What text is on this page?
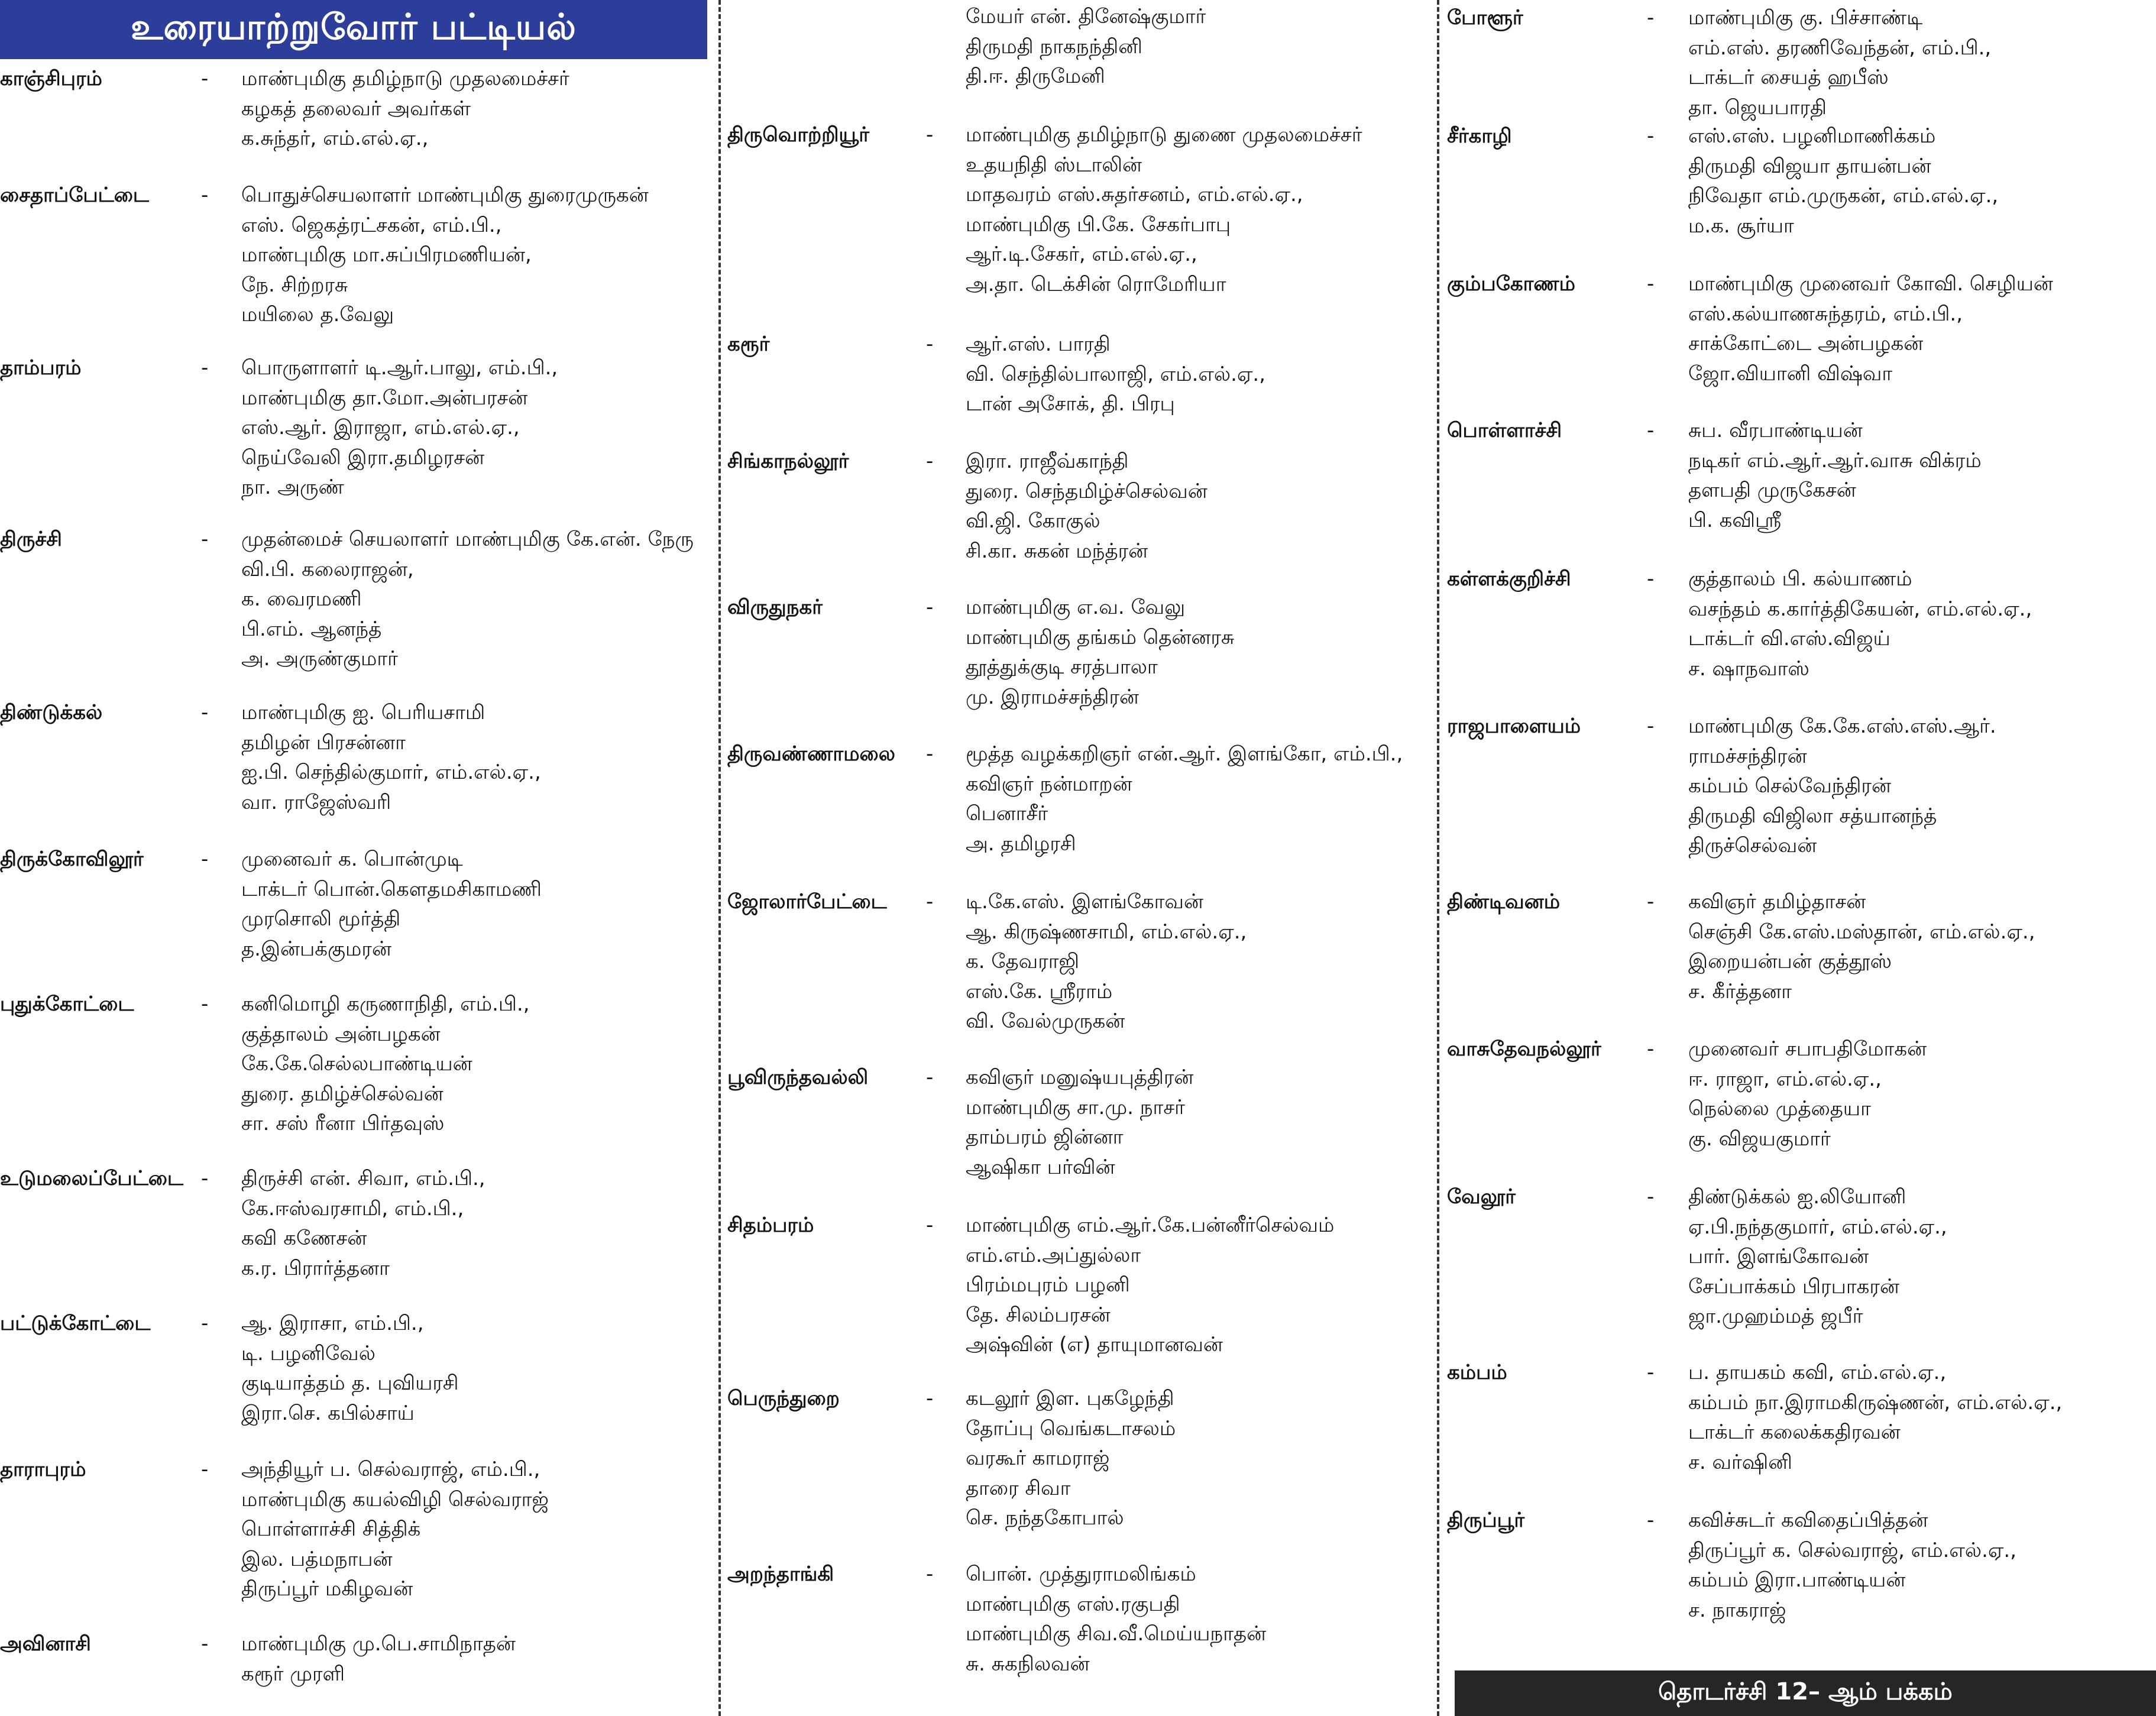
உரையாற்றுவோர் பட்டியல்
காஞ்சிபுரம்	- மாண்புமிகு தமிழ்நாடு முதலமைச்சர்
கழகத் தலைவர் அவர்கள்
க.சுந்தர், எம்.எல்.ஏ.,
சைதாப்பேட்டை	- பொதுச்செயலாளர் மாண்புமிகு துரைமுருகன்
எஸ். ஜெகத்ரட்சகன், எம்.பி.,
மாண்புமிகு மா.சுப்பிரமணியன்,
நே. சிற்றரசு
மயிலை த.வேலு
தாம்பரம்	- பொருளாளர் டி.ஆர்.பாலு, எம்.பி.,
மாண்புமிகு தா.மோ.அன்பரசன்
எஸ்.ஆர். இராஜா, எம்.எல்.ஏ.,
நெய்வேலி இரா.தமிழரசன்
நா. அருண்
திருச்சி	- முதன்மைச் செயலாளர் மாண்புமிகு கே.என். நேரு
வி.பி. கலைராஜன்,
க. வைரமணி
பி.எம். ஆனந்த்
அ. அருண்குமார்
திண்டுக்கல்	- மாண்புமிகு ஐ. பெரியசாமி
தமிழன் பிரசன்னா
ஐ.பி. செந்தில்குமார், எம்.எல்.ஏ.,
வா. ராஜேஸ்வரி
திருக்கோவிலூர்	- முனைவர் க. பொன்முடி
டாக்டர் பொன்.கௌதமசிகாமணி
முரசொலி மூர்த்தி
த.இன்பக்குமரன்
புதுக்கோட்டை	- கனிமொழி கருணாநிதி, எம்.பி.,
குத்தாலம் அன்பழகன்
கே.கே.செல்லபாண்டியன்
துரை. தமிழ்ச்செல்வன்
சா. சஸ் ரீனா பிர்தவுஸ்
உடுமலைப்பேட்டை - திருச்சி என். சிவா, எம்.பி.,
கே.ஈஸ்வரசாமி, எம்.பி.,
கவி கணேசன்
க.ர. பிரார்த்தனா
பட்டுக்கோட்டை	- ஆ. இராசா, எம்.பி.,
டி. பழனிவேல்
குடியாத்தம் த. புவியரசி
இரா.செ. கபில்சாய்
தாராபுரம்	- அந்தியூர் ப. செல்வராஜ், எம்.பி.,
மாண்புமிகு கயல்விழி செல்வராஜ்
பொள்ளாச்சி சித்திக்
இல. பத்மநாபன்
திருப்பூர் மகிழவன்
அவினாசி	- மாண்புமிகு மு.பெ.சாமிநாதன்
கரூர் முரளி
மேயர் என். தினேஷ்குமார்
திருமதி நாகநந்தினி
தி.ஈ. திருமேனி
திருவொற்றியூர்	- மாண்புமிகு தமிழ்நாடு துணை முதலமைச்சர்
உதயநிதி ஸ்டாலின்
மாதவரம் எஸ்.சுதர்சனம், எம்.எல்.ஏ.,
மாண்புமிகு பி.கே. சேகர்பாபு
ஆர்.டி.சேகர், எம்.எல்.ஏ.,
அ.தா. டெக்சின் ரொமேரியா
கரூர்	- ஆர்.எஸ். பாரதி
வி. செந்தில்பாலாஜி, எம்.எல்.ஏ.,
டான் அசோக், தி. பிரபு
சிங்காநல்லூர்	- இரா. ராஜீவ்காந்தி
துரை. செந்தமிழ்ச்செல்வன்
வி.ஜி. கோகுல்
சி.கா. சுகன் மந்த்ரன்
விருதுநகர்	- மாண்புமிகு எ.வ. வேலு
மாண்புமிகு தங்கம் தென்னரசு
தூத்துக்குடி சரத்பாலா
மு. இராமச்சந்திரன்
திருவண்ணாமலை - மூத்த வழக்கறிஞர் என்.ஆர். இளங்கோ, எம்.பி.,
கவிஞர் நன்மாறன்
பெனாசீர்
அ. தமிழரசி
ஜோலார்பேட்டை - டி.கே.எஸ். இளங்கோவன்
ஆ. கிருஷ்ணசாமி, எம்.எல்.ஏ.,
க. தேவராஜி
எஸ்.கே. ஸ்ரீராம்
வி. வேல்முருகன்
பூவிருந்தவல்லி	- கவிஞர் மனுஷ்யபுத்திரன்
மாண்புமிகு சா.மு. நாசர்
தாம்பரம் ஜின்னா
ஆஷிகா பர்வின்
சிதம்பரம்	- மாண்புமிகு எம்.ஆர்.கே.பன்னீர்செல்வம்
எம்.எம்.அப்துல்லா
பிரம்மபுரம் பழனி
தே. சிலம்பரசன்
அஷ்வின் (எ) தாயுமானவன்
பெருந்துறை	- கடலூர் இள. புகழேந்தி
தோப்பு வெங்கடாசலம்
வரகூர் காமராஜ்
தாரை சிவா
செ. நந்தகோபால்
அறந்தாங்கி	- பொன். முத்துராமலிங்கம்
மாண்புமிகு எஸ்.ரகுபதி
மாண்புமிகு சிவ.வீ.மெய்யநாதன்
சு. சுகநிலவன்
போளூர்	- மாண்புமிகு கு. பிச்சாண்டி
எம்.எஸ். தரணிவேந்தன், எம்.பி.,
டாக்டர் சையத் ஹபீஸ்
தா. ஜெயபாரதி
சீர்காழி	- எஸ்.எஸ். பழனிமாணிக்கம்
திருமதி விஜயா தாயன்பன்
நிவேதா எம்.முருகன், எம்.எல்.ஏ.,
ம.க. சூர்யா
கும்பகோணம்	- மாண்புமிகு முனைவர் கோவி. செழியன்
எஸ்.கல்யாணசுந்தரம், எம்.பி.,
சாக்கோட்டை அன்பழகன்
ஜோ.வியானி விஷ்வா
பொள்ளாச்சி	- சுப. வீரபாண்டியன்
நடிகர் எம்.ஆர்.ஆர்.வாசு விக்ரம்
தளபதி முருகேசன்
பி. கவிஸ்ரீ
கள்ளக்குறிச்சி	- குத்தாலம் பி. கல்யாணம்
வசந்தம் க.கார்த்திகேயன், எம்.எல்.ஏ.,
டாக்டர் வி.எஸ்.விஜய்
ச. ஷாநவாஸ்
ராஜபாளையம்	- மாண்புமிகு கே.கே.எஸ்.எஸ்.ஆர்.
ராமச்சந்திரன்
கம்பம் செல்வேந்திரன்
திருமதி விஜிலா சத்யானந்த்
திருச்செல்வன்
திண்டிவனம்	- கவிஞர் தமிழ்தாசன்
செஞ்சி கே.எஸ்.மஸ்தான், எம்.எல்.ஏ.,
இறையன்பன் குத்தூஸ்
ச. கீர்த்தனா
வாசுதேவநல்லூர் - முனைவர் சபாபதிமோகன்
ஈ. ராஜா, எம்.எல்.ஏ.,
நெல்லை முத்தையா
கு. விஜயகுமார்
வேலூர்	- திண்டுக்கல் ஐ.லியோனி
ஏ.பி.நந்தகுமார், எம்.எல்.ஏ.,
பார். இளங்கோவன்
சேப்பாக்கம் பிரபாகரன்
ஜா.முஹம்மத் ஜபீர்
கம்பம்	- ப. தாயகம் கவி, எம்.எல்.ஏ.,
கம்பம் நா.இராமகிருஷ்ணன், எம்.எல்.ஏ.,
டாக்டர் கலைக்கதிரவன்
ச. வர்ஷினி
திருப்பூர்	- கவிச்சுடர் கவிதைப்பித்தன்
திருப்பூர் க. செல்வராஜ், எம்.எல்.ஏ.,
கம்பம் இரா.பாண்டியன்
ச. நாகராஜ்
தொடர்ச்சி 12– ஆம் பக்கம்
